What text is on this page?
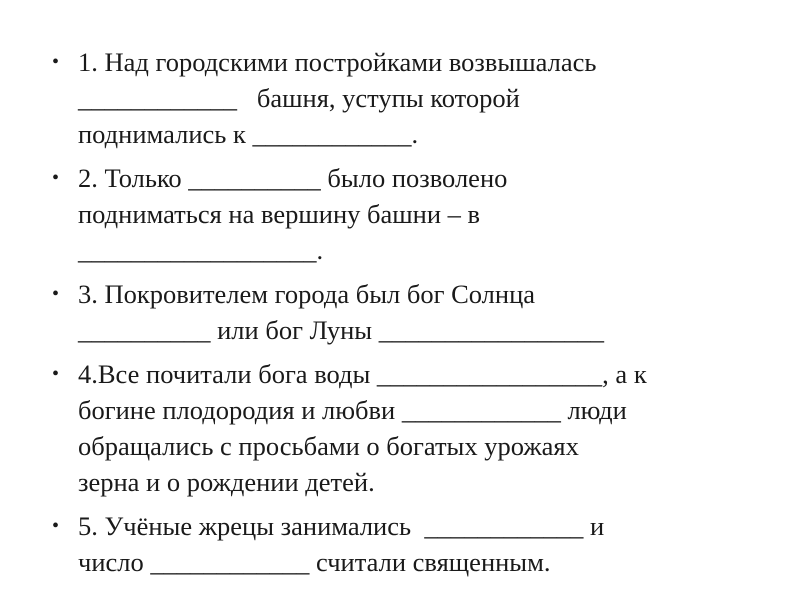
• 1. Над городскими постройками возвышалась
____________   башня, уступы которой
поднимались к ____________.
• 2. Только __________ было позволено
подниматься на вершину башни – в
__________________.
• 3. Покровителем города был бог Солнца
__________ или бог Луны _________________
• 4.Все почитали бога воды _________________, а к
богине плодородия и любви ____________ люди
обращались с просьбами о богатых урожаях
зерна и о рождении детей.
• 5. Учёные жрецы занимались  ____________ и
число ____________ считали священным.
